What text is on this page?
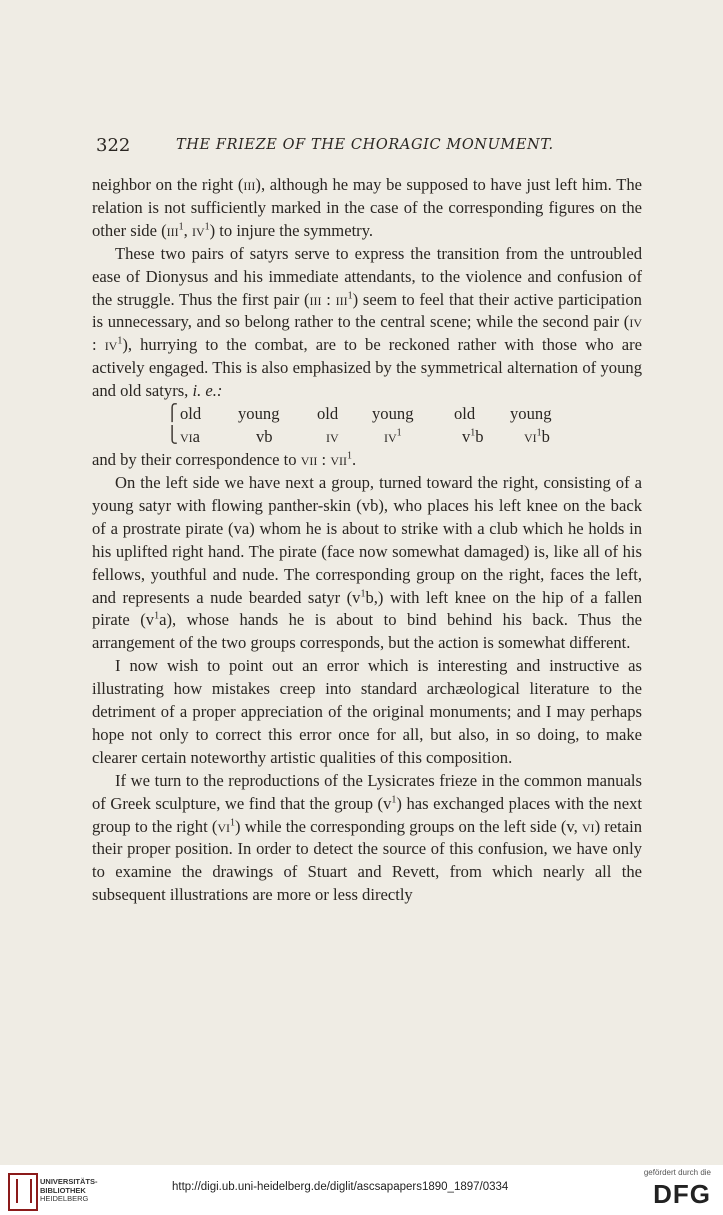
322	THE FRIEZE OF THE CHORAGIC MONUMENT.

neighbor on the right (iii), although he may be supposed to have just left him. The relation is not sufficiently marked in the case of the corresponding figures on the other side (iii$^1$, $iv^1$) to injure the symmetry.

These two pairs of satyrs serve to express the transition from the untroubled ease of Dionysus and his immediate attendants, to the violence and confusion of the struggle. Thus the first pair (iii : iii$^1$) seem to feel that their active participation is unnecessary, and so belong rather to the central scene; while the second pair (iv : $iv^1$), hurrying to the combat, are to be reckoned rather with those who are actively engaged. This is also emphasized by the symmetrical alternation of young and old satyrs, i. e.:

⎧
⎩
old young old young old young
via	vb	iv	$iv^1$	$v^1b$ $vi^1b$

and by their correspondence to vii : vii$^1$.

On the left side we have next a group, turned toward the right, consisting of a young satyr with flowing panther-skin (vb), who places his left knee on the back of a prostrate pirate (va) whom he is about to strike with a club which he holds in his uplifted right hand. The pirate (face now somewhat damaged) is, like all of his fellows, youthful and nude. The corresponding group on the right, faces the left, and represents a nude bearded satyr $(v^1b,)$ with left knee on the hip of a fallen pirate $(v^1a)$, whose hands he is about to bind behind his back. Thus the arrangement of the two groups corresponds, but the action is somewhat different.

I now wish to point out an error which is interesting and instructive as illustrating how mistakes creep into standard archæological literature to the detriment of a proper appreciation of the original monuments; and I may perhaps hope not only to correct this error once for all, but also, in so doing, to make clearer certain noteworthy artistic qualities of this composition.

If we turn to the reproductions of the Lysicrates frieze in the common manuals of Greek sculpture, we find that the group $(v^1)$ has exchanged places with the next group to the right $(vi^1)$ while the corresponding groups on the left side (v, vi) retain their proper position. In order to detect the source of this confusion, we have only to examine the drawings of Stuart and Revett, from which nearly all the subsequent illustrations are more or less directly

UNIVERSITÄTS-
BIBLIOTHEK
HEIDELBERG
http://digi.ub.uni-heidelberg.de/diglit/ascsapapers1890_1897/0334
gefördert durch die
DFG
